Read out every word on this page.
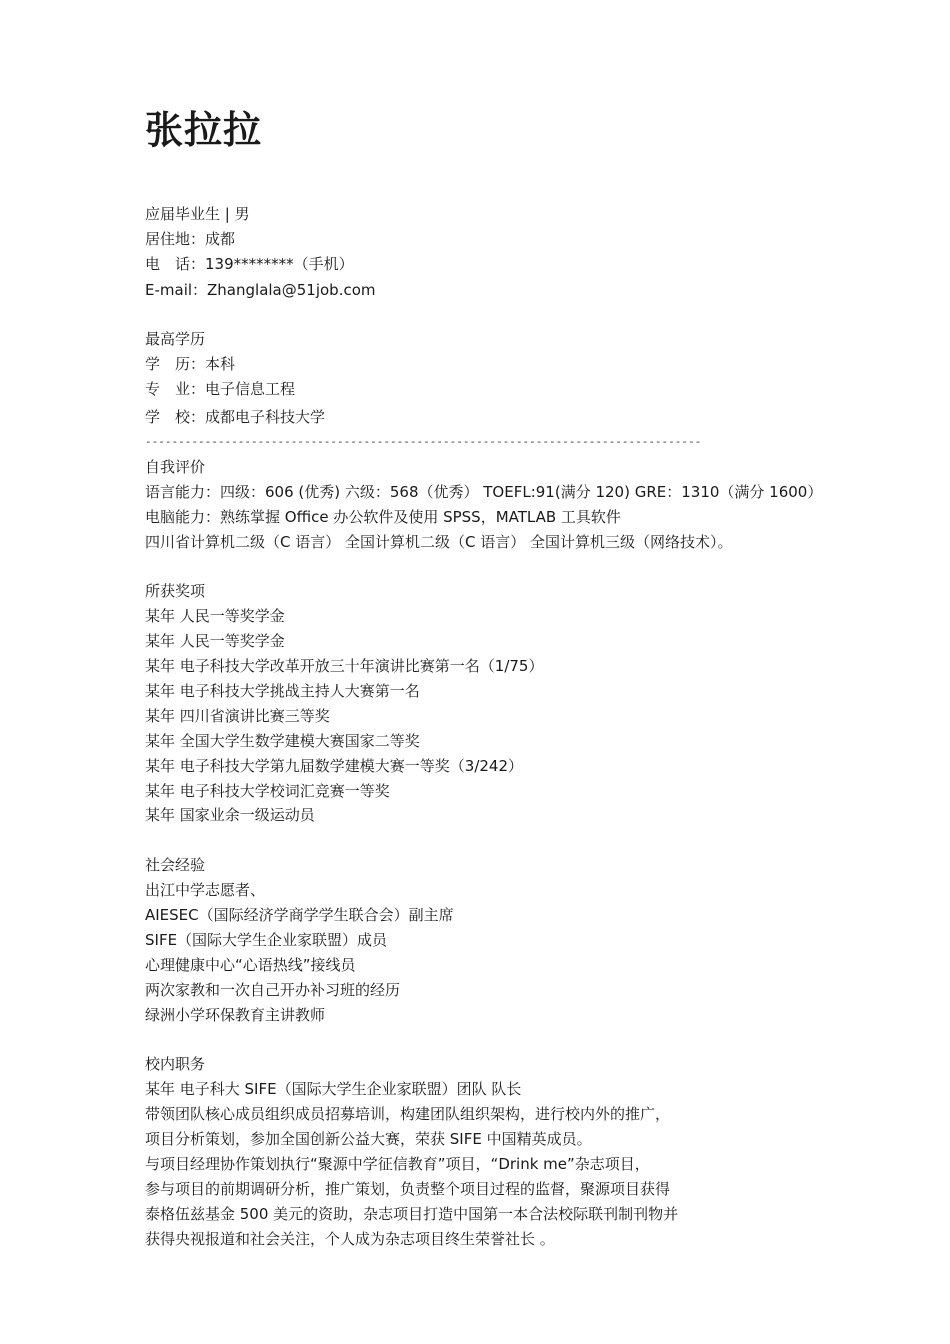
张拉拉
应届毕业生 | 男
居住地：成都
电　话：139********（手机）
E-mail：Zhanglala@51job.com
最高学历
学　历：本科
专　业：电子信息工程
学　校：成都电子科技大学
------------------------------------------------------------------------------------
自我评价
语言能力：四级：606 (优秀) 六级：568（优秀） TOEFL:91(满分 120) GRE：1310（满分 1600）
电脑能力：熟练掌握 Office 办公软件及使用 SPSS，MATLAB 工具软件
四川省计算机二级（C 语言） 全国计算机二级（C 语言） 全国计算机三级（网络技术）。
所获奖项
某年 人民一等奖学金
某年 人民一等奖学金
某年 电子科技大学改革开放三十年演讲比赛第一名（1/75）
某年 电子科技大学挑战主持人大赛第一名
某年 四川省演讲比赛三等奖
某年 全国大学生数学建模大赛国家二等奖
某年 电子科技大学第九届数学建模大赛一等奖（3/242）
某年 电子科技大学校词汇竞赛一等奖
某年 国家业余一级运动员
社会经验
出江中学志愿者、
AIESEC（国际经济学商学学生联合会）副主席
SIFE（国际大学生企业家联盟）成员
心理健康中心“心语热线”接线员
两次家教和一次自己开办补习班的经历
绿洲小学环保教育主讲教师
校内职务
某年 电子科大 SIFE（国际大学生企业家联盟）团队 队长
带领团队核心成员组织成员招募培训，构建团队组织架构，进行校内外的推广，
项目分析策划，参加全国创新公益大赛，荣获 SIFE 中国精英成员。
与项目经理协作策划执行“聚源中学征信教育”项目，“Drink me”杂志项目，
参与项目的前期调研分析，推广策划，负责整个项目过程的监督，聚源项目获得
泰格伍兹基金 500 美元的资助，杂志项目打造中国第一本合法校际联刊制刊物并
获得央视报道和社会关注，个人成为杂志项目终生荣誉社长 。
